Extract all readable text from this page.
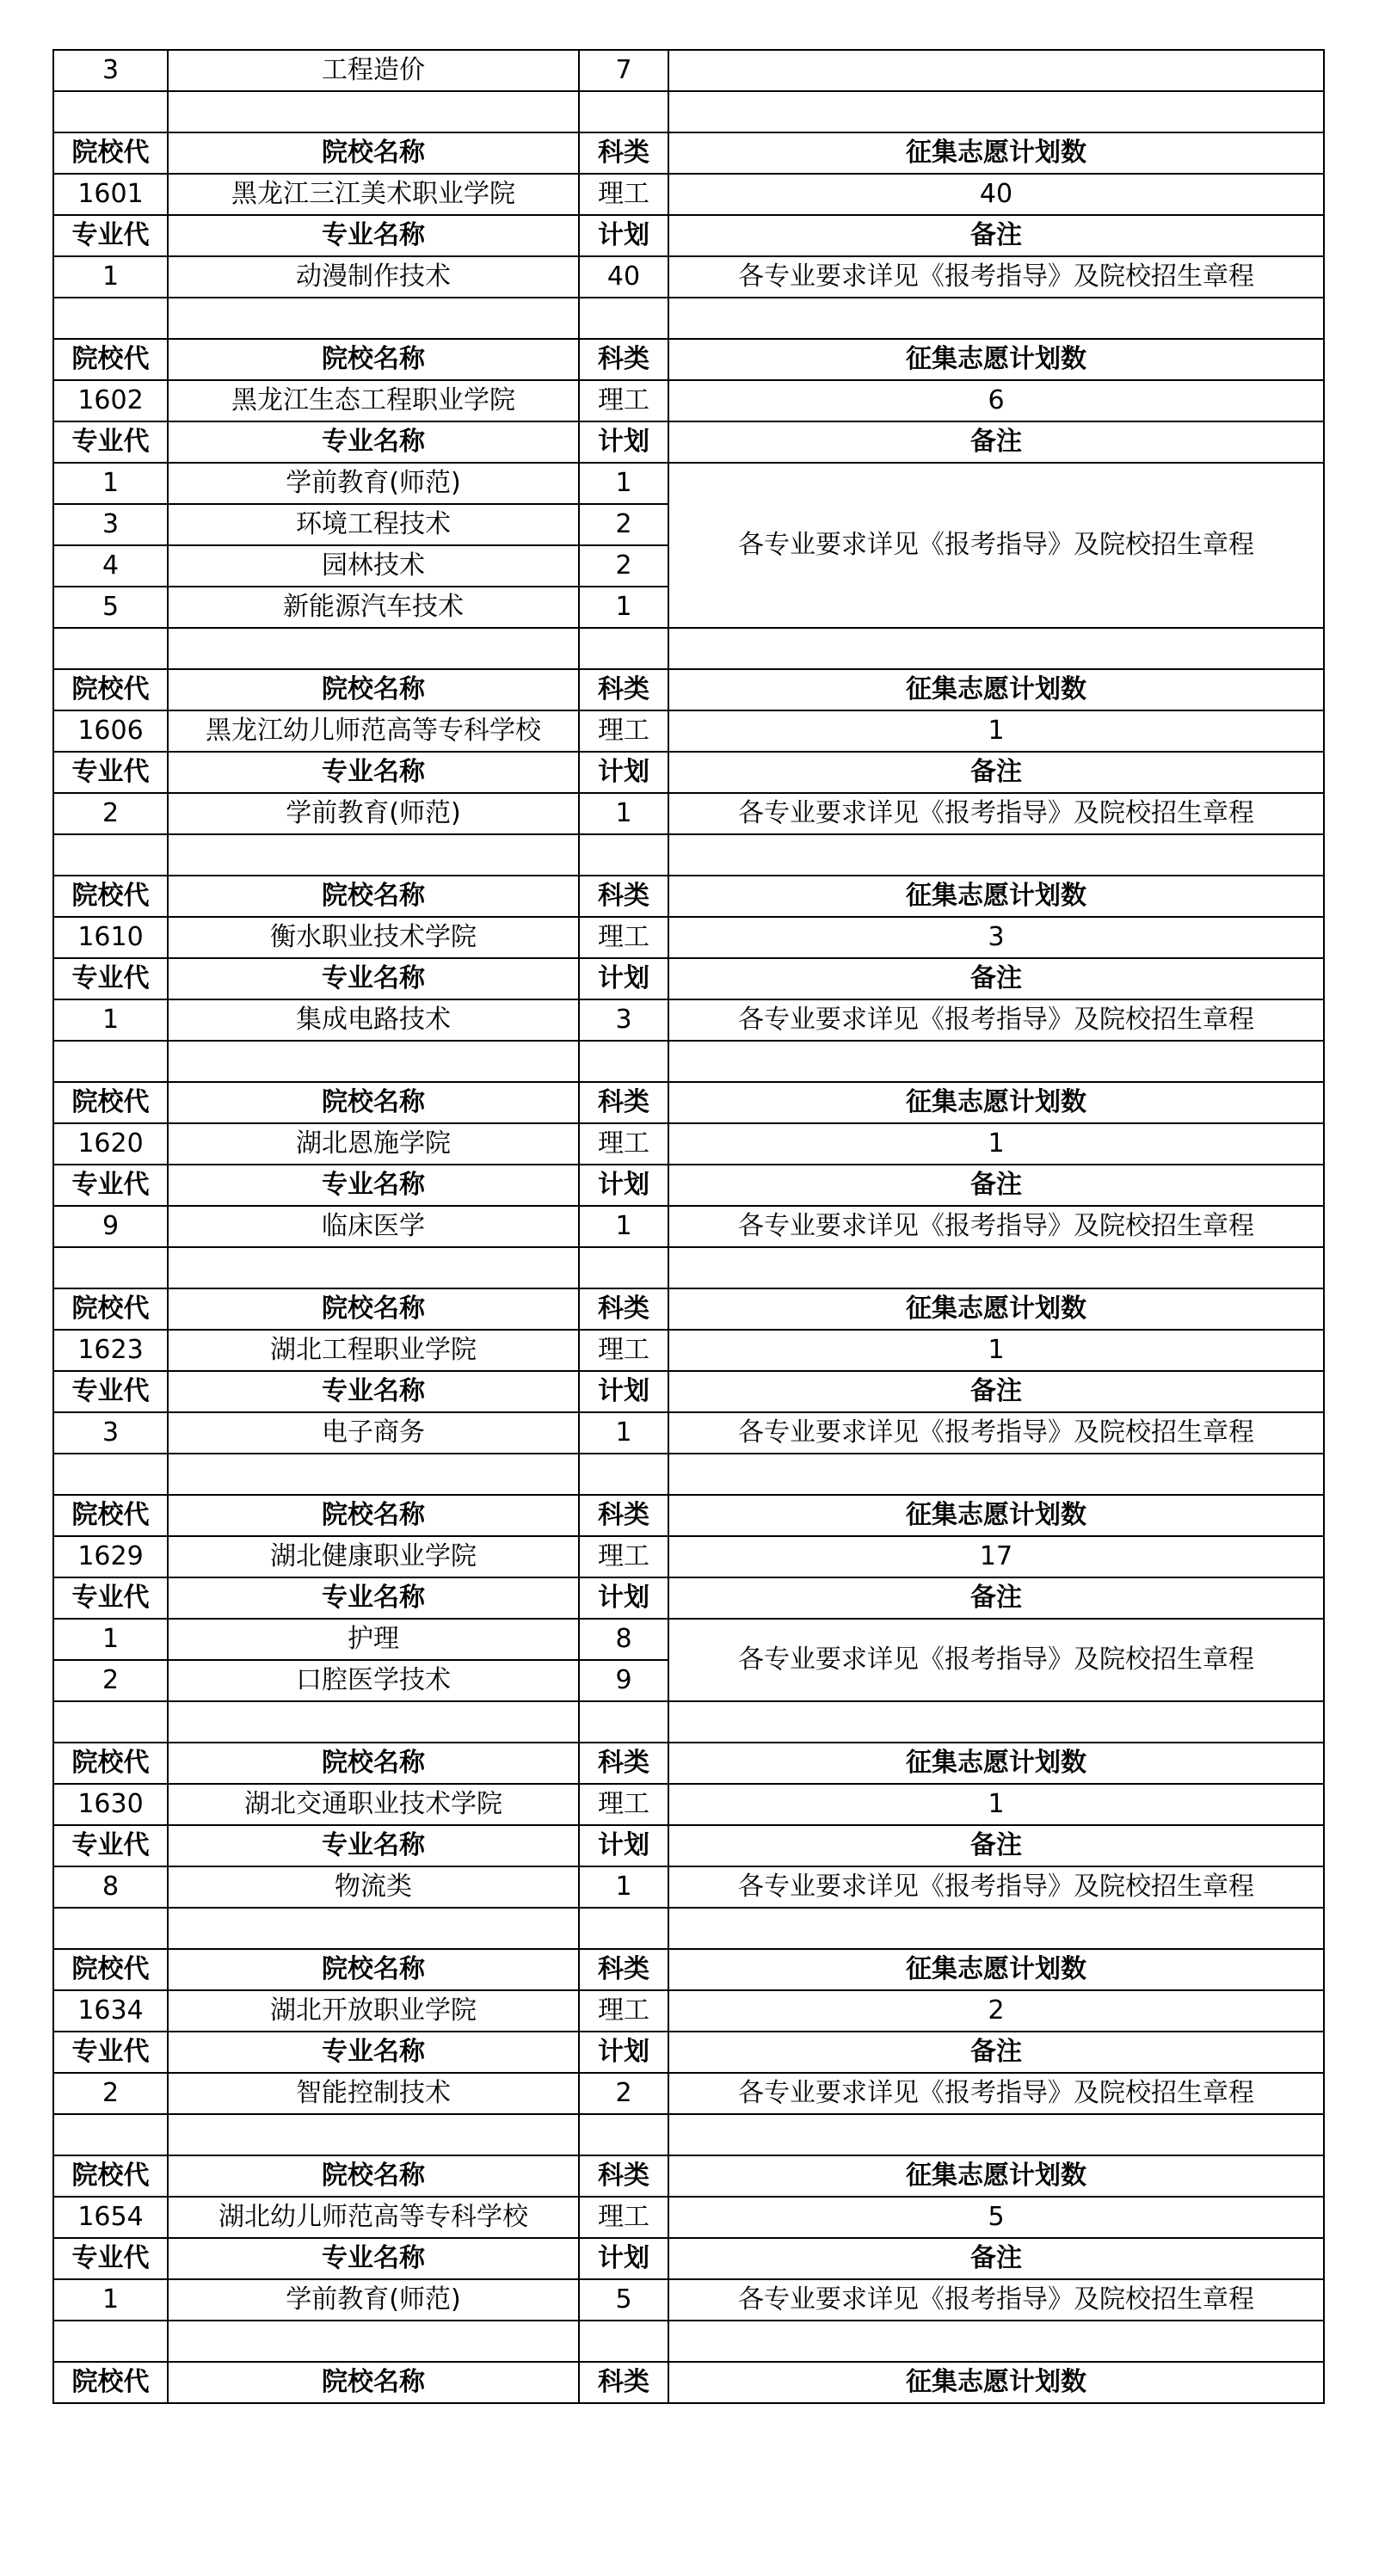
3	工程造价	7	

院校代	院校名称	科类	征集志愿计划数
1601	黑龙江三江美术职业学院	理工	40
专业代	专业名称	计划	备注
1	动漫制作技术	40	各专业要求详见《报考指导》及院校招生章程

院校代	院校名称	科类	征集志愿计划数
1602	黑龙江生态工程职业学院	理工	6
专业代	专业名称	计划	备注
1	学前教育(师范)	1	各专业要求详见《报考指导》及院校招生章程
3	环境工程技术	2	
4	园林技术	2	
5	新能源汽车技术	1	

院校代	院校名称	科类	征集志愿计划数
1606	黑龙江幼儿师范高等专科学校	理工	1
专业代	专业名称	计划	备注
2	学前教育(师范)	1	各专业要求详见《报考指导》及院校招生章程

院校代	院校名称	科类	征集志愿计划数
1610	衡水职业技术学院	理工	3
专业代	专业名称	计划	备注
1	集成电路技术	3	各专业要求详见《报考指导》及院校招生章程

院校代	院校名称	科类	征集志愿计划数
1620	湖北恩施学院	理工	1
专业代	专业名称	计划	备注
9	临床医学	1	各专业要求详见《报考指导》及院校招生章程

院校代	院校名称	科类	征集志愿计划数
1623	湖北工程职业学院	理工	1
专业代	专业名称	计划	备注
3	电子商务	1	各专业要求详见《报考指导》及院校招生章程

院校代	院校名称	科类	征集志愿计划数
1629	湖北健康职业学院	理工	17
专业代	专业名称	计划	备注
1	护理	8	各专业要求详见《报考指导》及院校招生章程
2	口腔医学技术	9	

院校代	院校名称	科类	征集志愿计划数
1630	湖北交通职业技术学院	理工	1
专业代	专业名称	计划	备注
8	物流类	1	各专业要求详见《报考指导》及院校招生章程

院校代	院校名称	科类	征集志愿计划数
1634	湖北开放职业学院	理工	2
专业代	专业名称	计划	备注
2	智能控制技术	2	各专业要求详见《报考指导》及院校招生章程

院校代	院校名称	科类	征集志愿计划数
1654	湖北幼儿师范高等专科学校	理工	5
专业代	专业名称	计划	备注
1	学前教育(师范)	5	各专业要求详见《报考指导》及院校招生章程

院校代	院校名称	科类	征集志愿计划数
